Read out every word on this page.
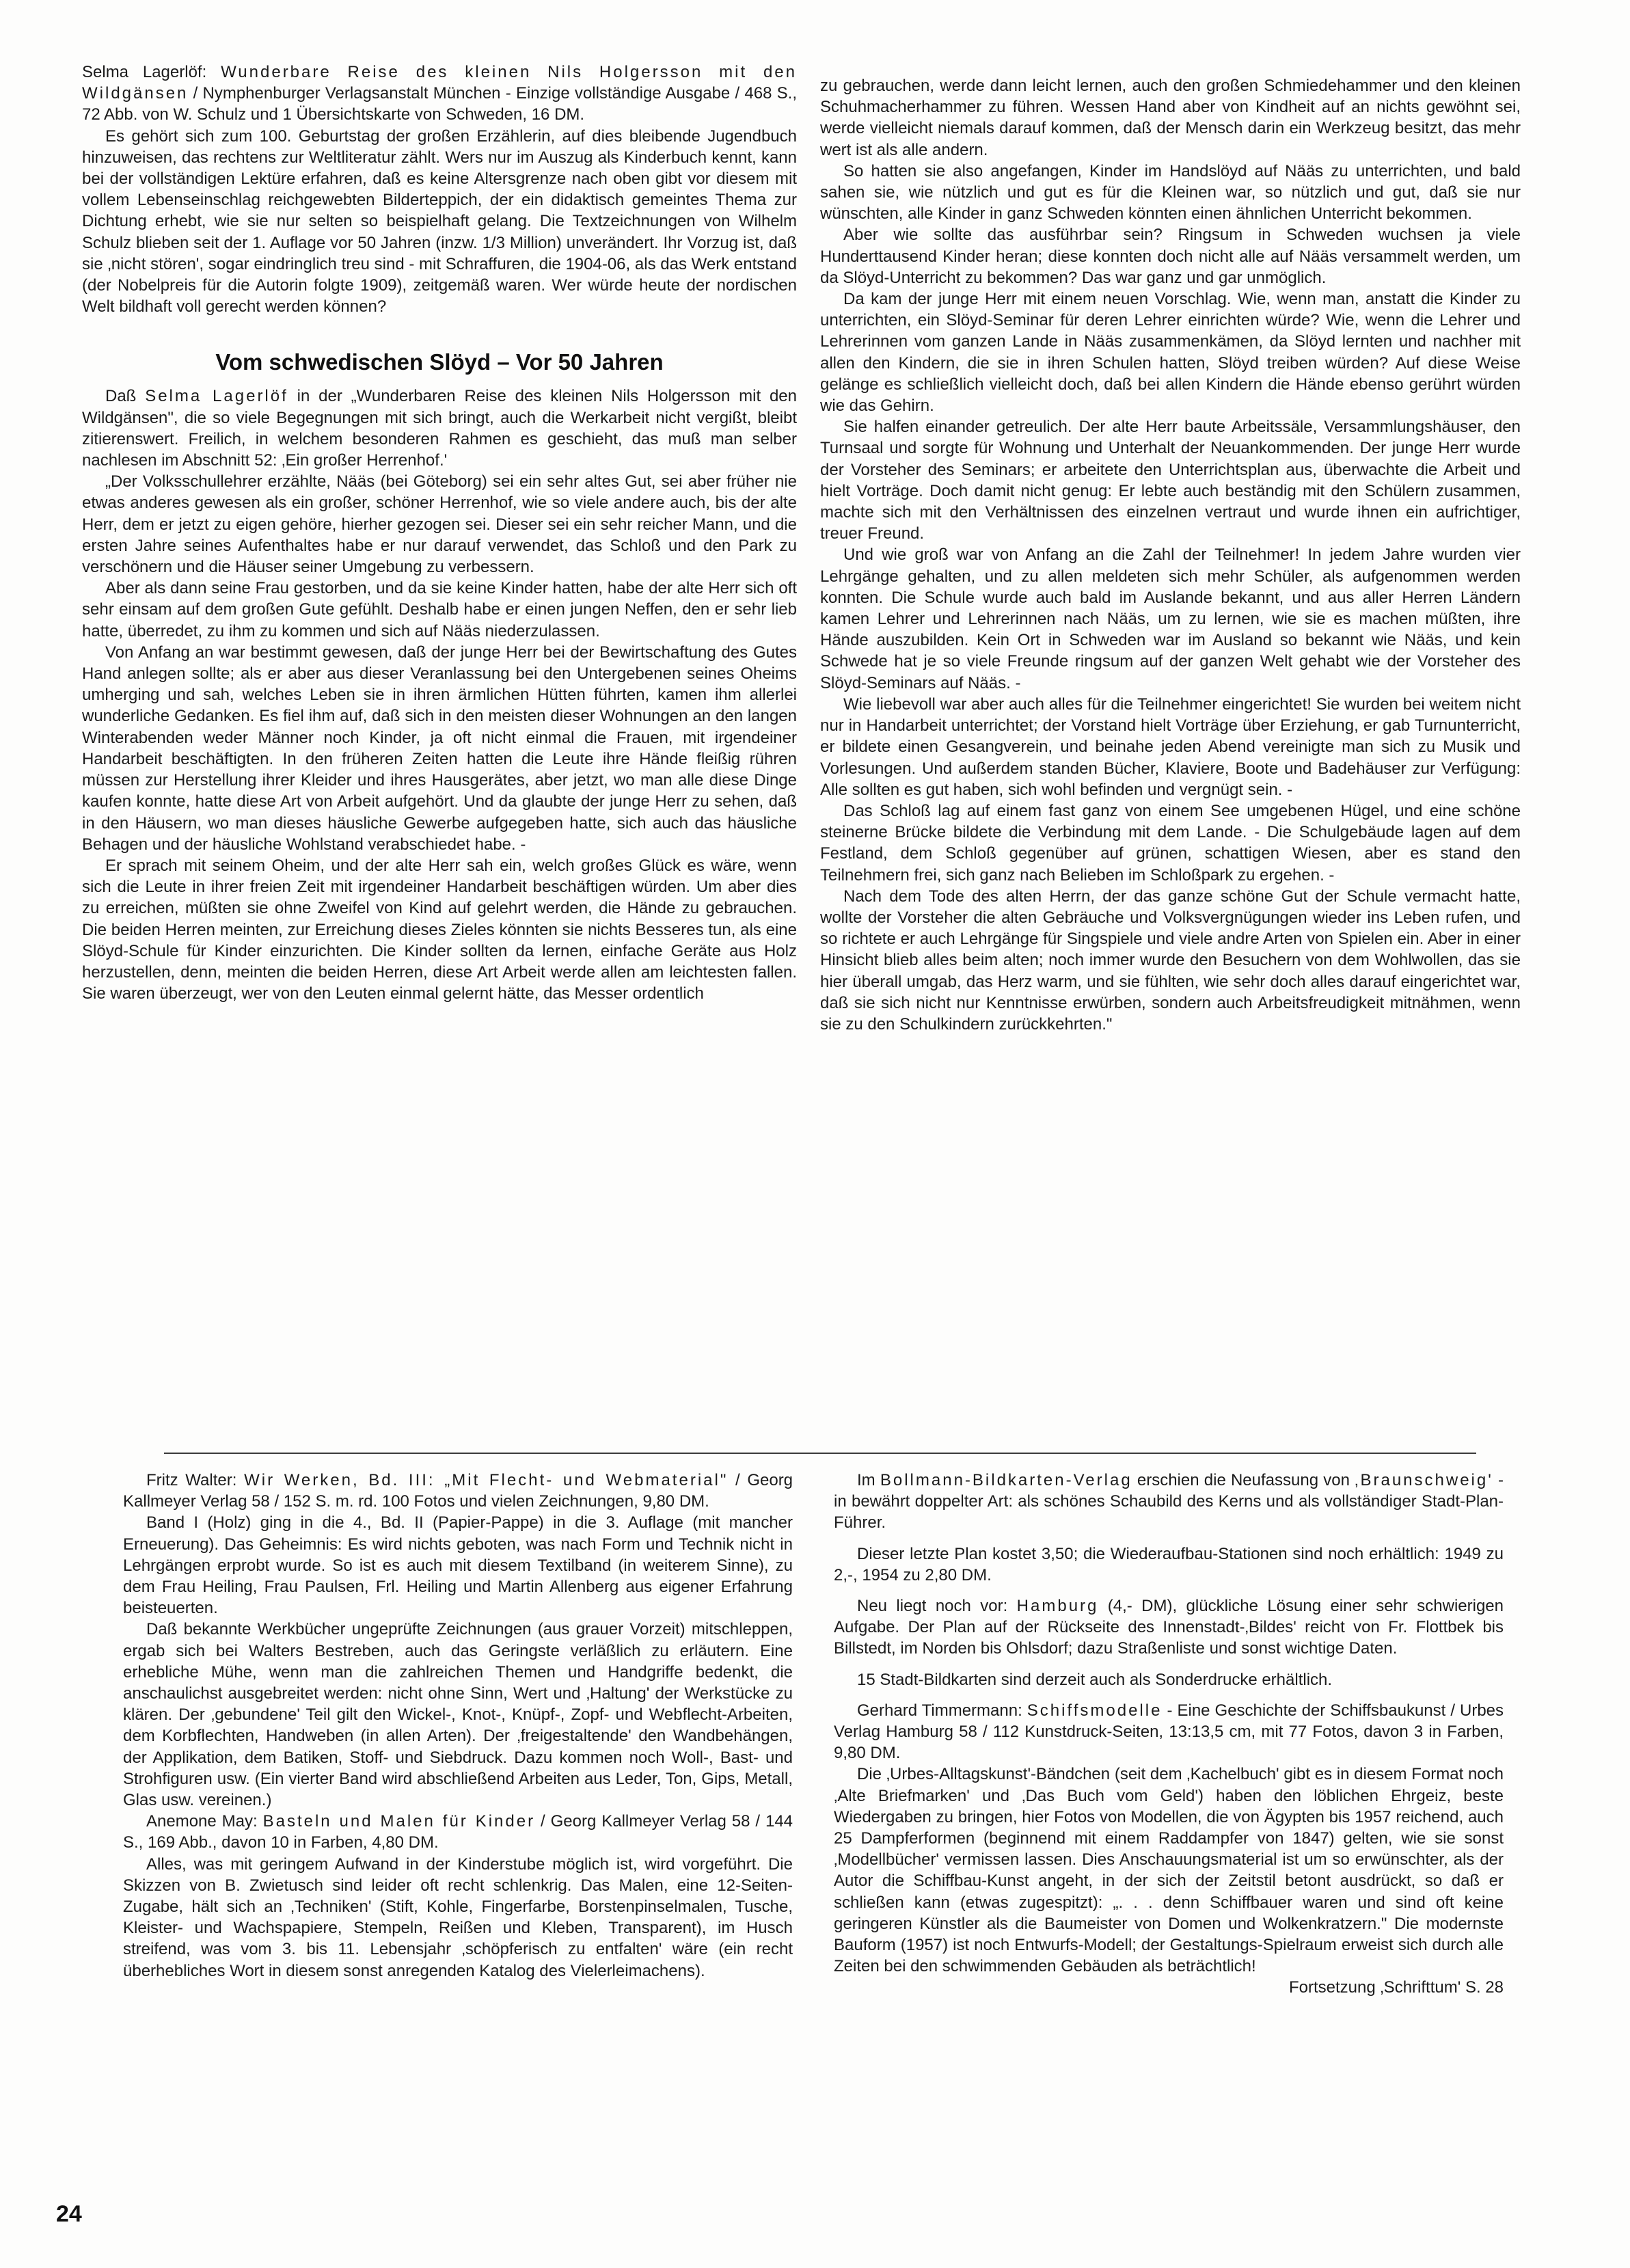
Selma Lagerlöf: Wunderbare Reise des kleinen Nils Holgersson mit den Wildgänsen / Nymphenburger Verlagsanstalt München - Einzige vollständige Ausgabe / 468 S., 72 Abb. von W. Schulz und 1 Übersichtskarte von Schweden, 16 DM.

Es gehört sich zum 100. Geburtstag der großen Erzählerin, auf dies bleibende Jugendbuch hinzuweisen, das rechtens zur Weltliteratur zählt. Wers nur im Auszug als Kinderbuch kennt, kann bei der vollständigen Lektüre erfahren, daß es keine Altersgrenze nach oben gibt vor diesem mit vollem Lebenseinschlag reichgewebten Bilderteppich, der ein didaktisch gemeintes Thema zur Dichtung erhebt, wie sie nur selten so beispielhaft gelang. Die Textzeichnungen von Wilhelm Schulz blieben seit der 1. Auflage vor 50 Jahren (inzw. 1/3 Million) unverändert. Ihr Vorzug ist, daß sie ‚nicht stören', sogar eindringlich treu sind - mit Schraffuren, die 1904-06, als das Werk entstand (der Nobelpreis für die Autorin folgte 1909), zeitgemäß waren. Wer würde heute der nordischen Welt bildhaft voll gerecht werden können?

Vom schwedischen Slöyd – Vor 50 Jahren

Daß Selma Lagerlöf in der „Wunderbaren Reise des kleinen Nils Holgersson mit den Wildgänsen", die so viele Begegnungen mit sich bringt, auch die Werkarbeit nicht vergißt, bleibt zitierenswert. Freilich, in welchem besonderen Rahmen es geschieht, das muß man selber nachlesen im Abschnitt 52: ‚Ein großer Herrenhof.'

„Der Volksschullehrer erzählte, Nääs (bei Göteborg) sei ein sehr altes Gut, sei aber früher nie etwas anderes gewesen als ein großer, schöner Herrenhof, wie so viele andere auch, bis der alte Herr, dem er jetzt zu eigen gehöre, hierher gezogen sei. Dieser sei ein sehr reicher Mann, und die ersten Jahre seines Aufenthaltes habe er nur darauf verwendet, das Schloß und den Park zu verschönern und die Häuser seiner Umgebung zu verbessern.

Aber als dann seine Frau gestorben, und da sie keine Kinder hatten, habe der alte Herr sich oft sehr einsam auf dem großen Gute gefühlt. Deshalb habe er einen jungen Neffen, den er sehr lieb hatte, überredet, zu ihm zu kommen und sich auf Nääs niederzulassen.

Von Anfang an war bestimmt gewesen, daß der junge Herr bei der Bewirtschaftung des Gutes Hand anlegen sollte; als er aber aus dieser Veranlassung bei den Untergebenen seines Oheims umherging und sah, welches Leben sie in ihren ärmlichen Hütten führten, kamen ihm allerlei wunderliche Gedanken. Es fiel ihm auf, daß sich in den meisten dieser Wohnungen an den langen Winterabenden weder Männer noch Kinder, ja oft nicht einmal die Frauen, mit irgendeiner Handarbeit beschäftigten. In den früheren Zeiten hatten die Leute ihre Hände fleißig rühren müssen zur Herstellung ihrer Kleider und ihres Hausgerätes, aber jetzt, wo man alle diese Dinge kaufen konnte, hatte diese Art von Arbeit aufgehört. Und da glaubte der junge Herr zu sehen, daß in den Häusern, wo man dieses häusliche Gewerbe aufgegeben hatte, sich auch das häusliche Behagen und der häusliche Wohlstand verabschiedet habe. -

Er sprach mit seinem Oheim, und der alte Herr sah ein, welch großes Glück es wäre, wenn sich die Leute in ihrer freien Zeit mit irgendeiner Handarbeit beschäftigen würden. Um aber dies zu erreichen, müßten sie ohne Zweifel von Kind auf gelehrt werden, die Hände zu gebrauchen. Die beiden Herren meinten, zur Erreichung dieses Zieles könnten sie nichts Besseres tun, als eine Slöyd-Schule für Kinder einzurichten. Die Kinder sollten da lernen, einfache Geräte aus Holz herzustellen, denn, meinten die beiden Herren, diese Art Arbeit werde allen am leichtesten fallen. Sie waren überzeugt, wer von den Leuten einmal gelernt hätte, das Messer ordentlich

zu gebrauchen, werde dann leicht lernen, auch den großen Schmiedehammer und den kleinen Schuhmacherhammer zu führen. Wessen Hand aber von Kindheit auf an nichts gewöhnt sei, werde vielleicht niemals darauf kommen, daß der Mensch darin ein Werkzeug besitzt, das mehr wert ist als alle andern.

So hatten sie also angefangen, Kinder im Handslöyd auf Nääs zu unterrichten, und bald sahen sie, wie nützlich und gut es für die Kleinen war, so nützlich und gut, daß sie nur wünschten, alle Kinder in ganz Schweden könnten einen ähnlichen Unterricht bekommen.

Aber wie sollte das ausführbar sein? Ringsum in Schweden wuchsen ja viele Hunderttausend Kinder heran; diese konnten doch nicht alle auf Nääs versammelt werden, um da Slöyd-Unterricht zu bekommen? Das war ganz und gar unmöglich.

Da kam der junge Herr mit einem neuen Vorschlag. Wie, wenn man, anstatt die Kinder zu unterrichten, ein Slöyd-Seminar für deren Lehrer einrichten würde? Wie, wenn die Lehrer und Lehrerinnen vom ganzen Lande in Nääs zusammenkämen, da Slöyd lernten und nachher mit allen den Kindern, die sie in ihren Schulen hatten, Slöyd treiben würden? Auf diese Weise gelänge es schließlich vielleicht doch, daß bei allen Kindern die Hände ebenso gerührt würden wie das Gehirn.

Sie halfen einander getreulich. Der alte Herr baute Arbeitssäle, Versammlungshäuser, den Turnsaal und sorgte für Wohnung und Unterhalt der Neuankommenden. Der junge Herr wurde der Vorsteher des Seminars; er arbeitete den Unterrichtsplan aus, überwachte die Arbeit und hielt Vorträge. Doch damit nicht genug: Er lebte auch beständig mit den Schülern zusammen, machte sich mit den Verhältnissen des einzelnen vertraut und wurde ihnen ein aufrichtiger, treuer Freund.

Und wie groß war von Anfang an die Zahl der Teilnehmer! In jedem Jahre wurden vier Lehrgänge gehalten, und zu allen meldeten sich mehr Schüler, als aufgenommen werden konnten. Die Schule wurde auch bald im Auslande bekannt, und aus aller Herren Ländern kamen Lehrer und Lehrerinnen nach Nääs, um zu lernen, wie sie es machen müßten, ihre Hände auszubilden. Kein Ort in Schweden war im Ausland so bekannt wie Nääs, und kein Schwede hat je so viele Freunde ringsum auf der ganzen Welt gehabt wie der Vorsteher des Slöyd-Seminars auf Nääs. -

Wie liebevoll war aber auch alles für die Teilnehmer eingerichtet! Sie wurden bei weitem nicht nur in Handarbeit unterrichtet; der Vorstand hielt Vorträge über Erziehung, er gab Turnunterricht, er bildete einen Gesangverein, und beinahe jeden Abend vereinigte man sich zu Musik und Vorlesungen. Und außerdem standen Bücher, Klaviere, Boote und Badehäuser zur Verfügung: Alle sollten es gut haben, sich wohl befinden und vergnügt sein. -

Das Schloß lag auf einem fast ganz von einem See umgebenen Hügel, und eine schöne steinerne Brücke bildete die Verbindung mit dem Lande. - Die Schulgebäude lagen auf dem Festland, dem Schloß gegenüber auf grünen, schattigen Wiesen, aber es stand den Teilnehmern frei, sich ganz nach Belieben im Schloßpark zu ergehen. -

Nach dem Tode des alten Herrn, der das ganze schöne Gut der Schule vermacht hatte, wollte der Vorsteher die alten Gebräuche und Volksvergnügungen wieder ins Leben rufen, und so richtete er auch Lehrgänge für Singspiele und viele andre Arten von Spielen ein. Aber in einer Hinsicht blieb alles beim alten; noch immer wurde den Besuchern von dem Wohlwollen, das sie hier überall umgab, das Herz warm, und sie fühlten, wie sehr doch alles darauf eingerichtet war, daß sie sich nicht nur Kenntnisse erwürben, sondern auch Arbeitsfreudigkeit mitnähmen, wenn sie zu den Schulkindern zurückkehrten."

Fritz Walter: Wir Werken, Bd. III: „Mit Flecht- und Webmaterial" / Georg Kallmeyer Verlag 58 / 152 S. m. rd. 100 Fotos und vielen Zeichnungen, 9,80 DM.

Band I (Holz) ging in die 4., Bd. II (Papier-Pappe) in die 3. Auflage (mit mancher Erneuerung). Das Geheimnis: Es wird nichts geboten, was nach Form und Technik nicht in Lehrgängen erprobt wurde. So ist es auch mit diesem Textilband (in weiterem Sinne), zu dem Frau Heiling, Frau Paulsen, Frl. Heiling und Martin Allenberg aus eigener Erfahrung beisteuerten.

Daß bekannte Werkbücher ungeprüfte Zeichnungen (aus grauer Vorzeit) mitschleppen, ergab sich bei Walters Bestreben, auch das Geringste verläßlich zu erläutern. Eine erhebliche Mühe, wenn man die zahlreichen Themen und Handgriffe bedenkt, die anschaulichst ausgebreitet werden: nicht ohne Sinn, Wert und ‚Haltung' der Werkstücke zu klären. Der ‚gebundene' Teil gilt den Wickel-, Knot-, Knüpf-, Zopf- und Webflecht-Arbeiten, dem Korbflechten, Handweben (in allen Arten). Der ‚freigestaltende' den Wandbehängen, der Applikation, dem Batiken, Stoff- und Siebdruck. Dazu kommen noch Woll-, Bast- und Strohfiguren usw. (Ein vierter Band wird abschließend Arbeiten aus Leder, Ton, Gips, Metall, Glas usw. vereinen.)

Anemone May: Basteln und Malen für Kinder / Georg Kallmeyer Verlag 58 / 144 S., 169 Abb., davon 10 in Farben, 4,80 DM.

Alles, was mit geringem Aufwand in der Kinderstube möglich ist, wird vorgeführt. Die Skizzen von B. Zwietusch sind leider oft recht schlenkrig. Das Malen, eine 12-Seiten-Zugabe, hält sich an ‚Techniken' (Stift, Kohle, Fingerfarbe, Borstenpinselmalen, Tusche, Kleister- und Wachspapiere, Stempeln, Reißen und Kleben, Transparent), im Husch streifend, was vom 3. bis 11. Lebensjahr ‚schöpferisch zu entfalten' wäre (ein recht überhebliches Wort in diesem sonst anregenden Katalog des Vielerleimachens).

Im Bollmann-Bildkarten-Verlag erschien die Neufassung von ‚Braunschweig' - in bewährt doppelter Art: als schönes Schaubild des Kerns und als vollständiger Stadt-Plan-Führer.

Dieser letzte Plan kostet 3,50; die Wiederaufbau-Stationen sind noch erhältlich: 1949 zu 2,-, 1954 zu 2,80 DM.

Neu liegt noch vor: Hamburg (4,- DM), glückliche Lösung einer sehr schwierigen Aufgabe. Der Plan auf der Rückseite des Innenstadt-‚Bildes' reicht von Fr. Flottbek bis Billstedt, im Norden bis Ohlsdorf; dazu Straßenliste und sonst wichtige Daten.

15 Stadt-Bildkarten sind derzeit auch als Sonderdrucke erhältlich.

Gerhard Timmermann: Schiffsmodelle - Eine Geschichte der Schiffsbaukunst / Urbes Verlag Hamburg 58 / 112 Kunstdruck-Seiten, 13:13,5 cm, mit 77 Fotos, davon 3 in Farben, 9,80 DM.

Die ‚Urbes-Alltagskunst'-Bändchen (seit dem ‚Kachelbuch' gibt es in diesem Format noch ‚Alte Briefmarken' und ‚Das Buch vom Geld') haben den löblichen Ehrgeiz, beste Wiedergaben zu bringen, hier Fotos von Modellen, die von Ägypten bis 1957 reichend, auch 25 Dampferformen (beginnend mit einem Raddampfer von 1847) gelten, wie sie sonst ‚Modellbücher' vermissen lassen. Dies Anschauungsmaterial ist um so erwünschter, als der Autor die Schiffbau-Kunst angeht, in der sich der Zeitstil betont ausdrückt, so daß er schließen kann (etwas zugespitzt): „. . . denn Schiffbauer waren und sind oft keine geringeren Künstler als die Baumeister von Domen und Wolkenkratzern." Die modernste Bauform (1957) ist noch Entwurfs-Modell; der Gestaltungs-Spielraum erweist sich durch alle Zeiten bei den schwimmenden Gebäuden als beträchtlich!

Fortsetzung ‚Schrifttum' S. 28

24
